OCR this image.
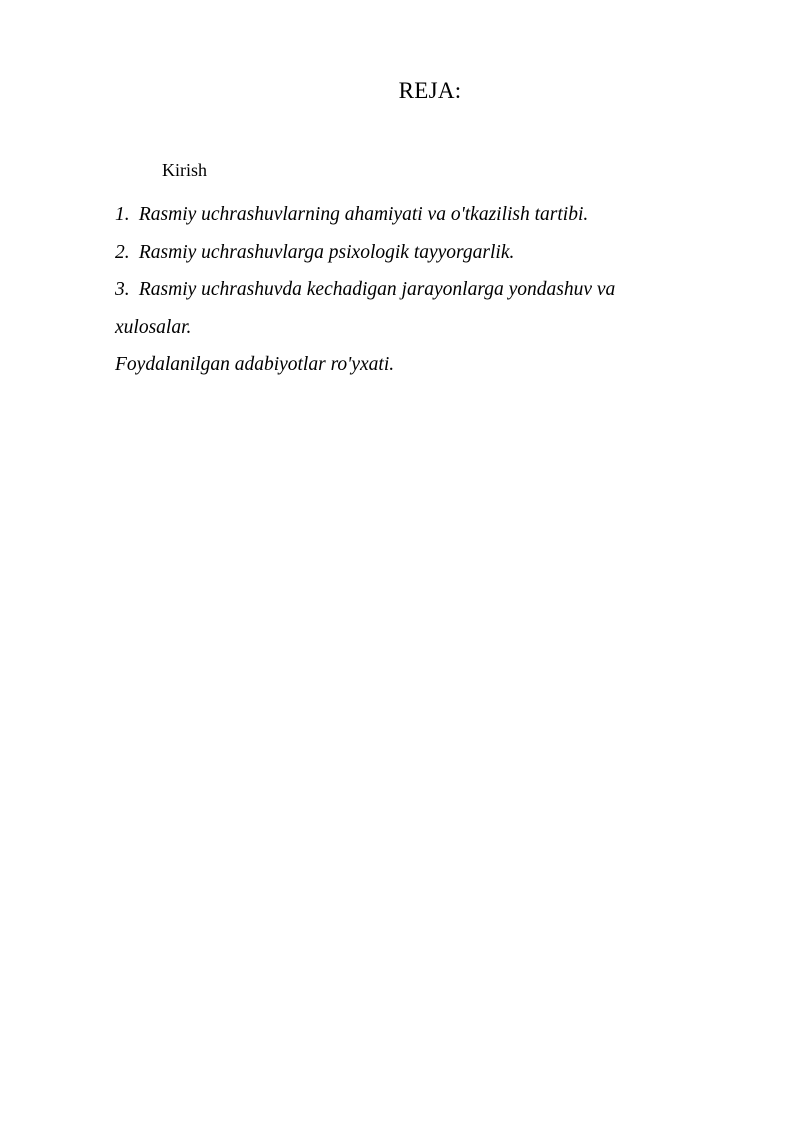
REJA:
Kirish
1. Rasmiy uchrashuvlarning ahamiyati va o'tkazilish tartibi.
2. Rasmiy uchrashuvlarga psixologik tayyorgarlik.
3. Rasmiy uchrashuvda kechadigan jarayonlarga yondashuv va xulosalar.
Foydalanilgan adabiyotlar ro'yxati.
